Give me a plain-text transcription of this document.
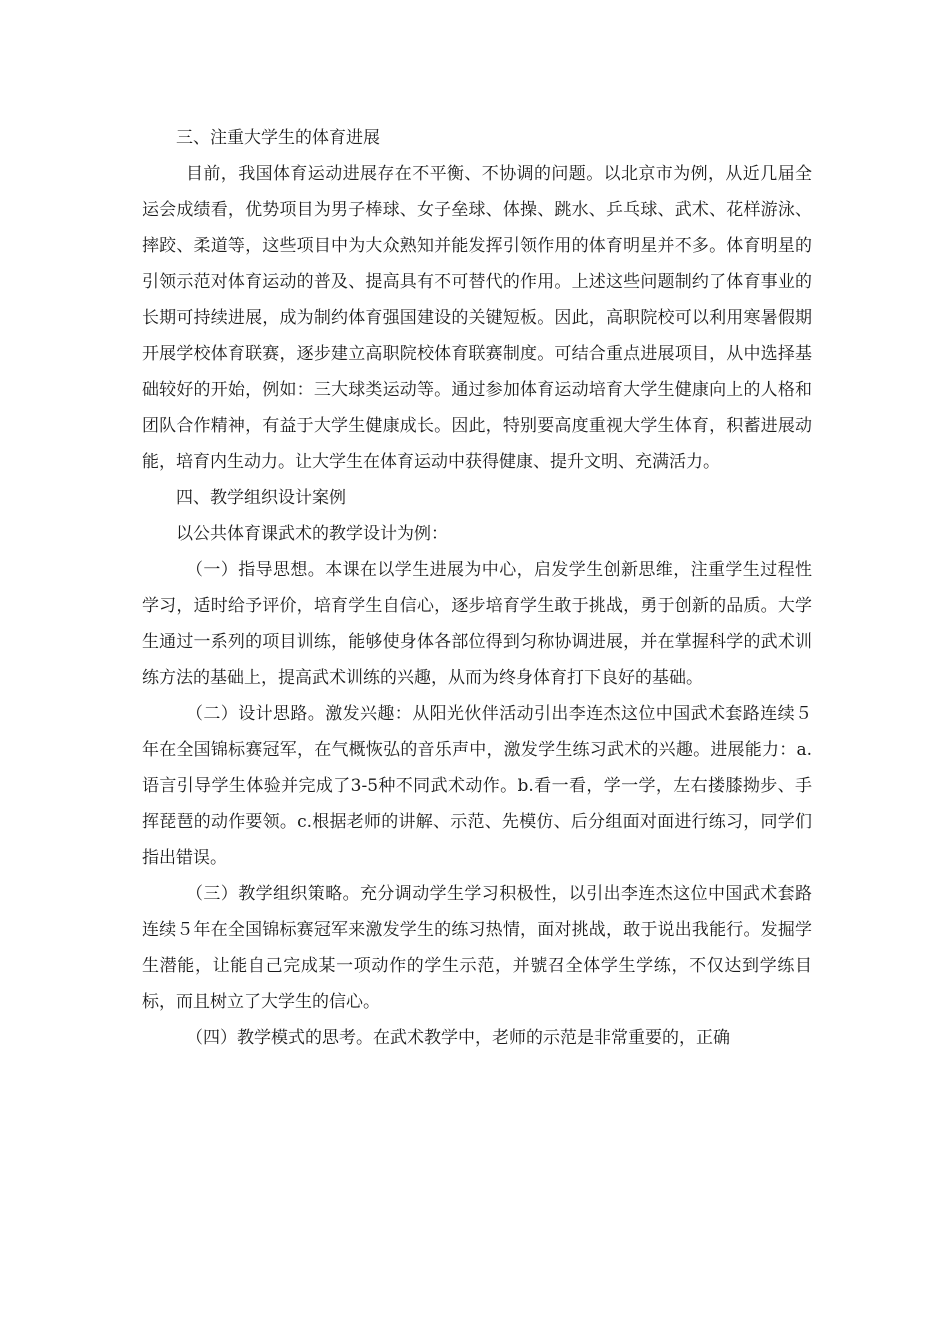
三、注重大学生的体育进展

目前，我国体育运动进展存在不平衡、不协调的问题。以北京市为例，从近几届全运会成绩看，优势项目为男子棒球、女子垒球、体操、跳水、乒乓球、武术、花样游泳、摔跤、柔道等，这些项目中为大众熟知并能发挥引领作用的体育明星并不多。体育明星的引领示范对体育运动的普及、提高具有不可替代的作用。上述这些问题制约了体育事业的长期可持续进展，成为制约体育强国建设的关键短板。因此，高职院校可以利用寒暑假期开展学校体育联赛，逐步建立高职院校体育联赛制度。可结合重点进展项目，从中选择基础较好的开始，例如：三大球类运动等。通过参加体育运动培育大学生健康向上的人格和团队合作精神，有益于大学生健康成长。因此，特别要高度重视大学生体育，积蓄进展动能，培育内生动力。让大学生在体育运动中获得健康、提升文明、充满活力。

四、教学组织设计案例

以公共体育课武术的教学设计为例：

（一）指导思想。本课在以学生进展为中心，启发学生创新思维，注重学生过程性学习，适时给予评价，培育学生自信心，逐步培育学生敢于挑战，勇于创新的品质。大学生通过一系列的项目训练，能够使身体各部位得到匀称协调进展，并在掌握科学的武术训练方法的基础上，提高武术训练的兴趣，从而为终身体育打下良好的基础。

（二）设计思路。激发兴趣：从阳光伙伴活动引出李连杰这位中国武术套路连续５年在全国锦标赛冠军，在气概恢弘的音乐声中，激发学生练习武术的兴趣。进展能力：a.语言引导学生体验并完成了3-5种不同武术动作。b.看一看，学一学，左右搂膝拗步、手挥琵琶的动作要领。c.根据老师的讲解、示范、先模仿、后分组面对面进行练习，同学们指出错误。

（三）教学组织策略。充分调动学生学习积极性，以引出李连杰这位中国武术套路连续５年在全国锦标赛冠军来激发学生的练习热情，面对挑战，敢于说出我能行。发掘学生潜能，让能自己完成某一项动作的学生示范，并號召全体学生学练，不仅达到学练目标，而且树立了大学生的信心。

（四）教学模式的思考。在武术教学中，老师的示范是非常重要的，正确
